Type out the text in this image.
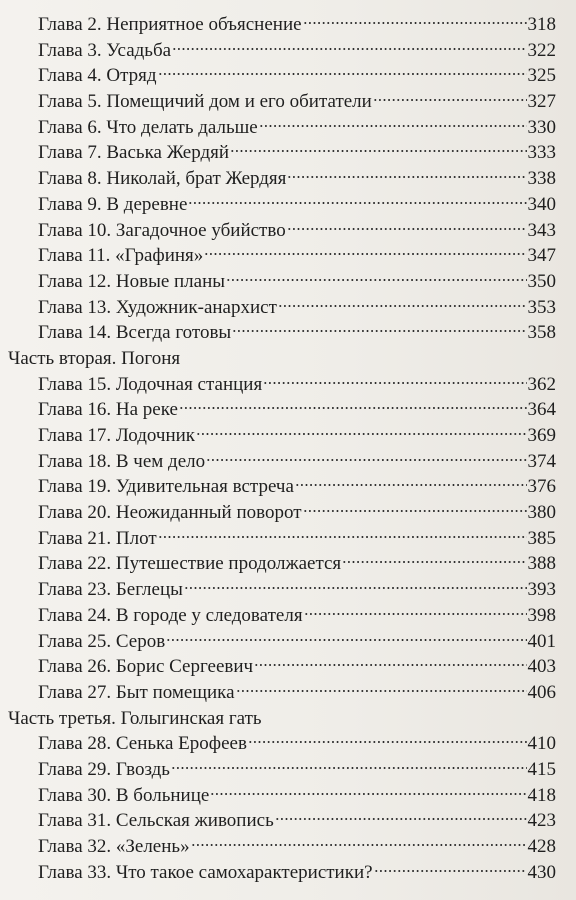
Глава 2. Неприятное объяснение	318
Глава 3. Усадьба	322
Глава 4. Отряд	325
Глава 5. Помещичий дом и его обитатели	327
Глава 6. Что делать дальше	330
Глава 7. Васька Жердяй	333
Глава 8. Николай, брат Жердяя	338
Глава 9. В деревне	340
Глава 10. Загадочное убийство	343
Глава 11. «Графиня»	347
Глава 12. Новые планы	350
Глава 13. Художник-анархист	353
Глава 14. Всегда готовы	358
Часть вторая. Погоня
Глава 15. Лодочная станция	362
Глава 16. На реке	364
Глава 17. Лодочник	369
Глава 18. В чем дело	374
Глава 19. Удивительная встреча	376
Глава 20. Неожиданный поворот	380
Глава 21. Плот	385
Глава 22. Путешествие продолжается	388
Глава 23. Беглецы	393
Глава 24. В городе у следователя	398
Глава 25. Серов	401
Глава 26. Борис Сергеевич	403
Глава 27. Быт помещика	406
Часть третья. Голыгинская гать
Глава 28. Сенька Ерофеев	410
Глава 29. Гвоздь	415
Глава 30. В больнице	418
Глава 31. Сельская живопись	423
Глава 32. «Зелень»	428
Глава 33. Что такое самохарактеристики?	430
